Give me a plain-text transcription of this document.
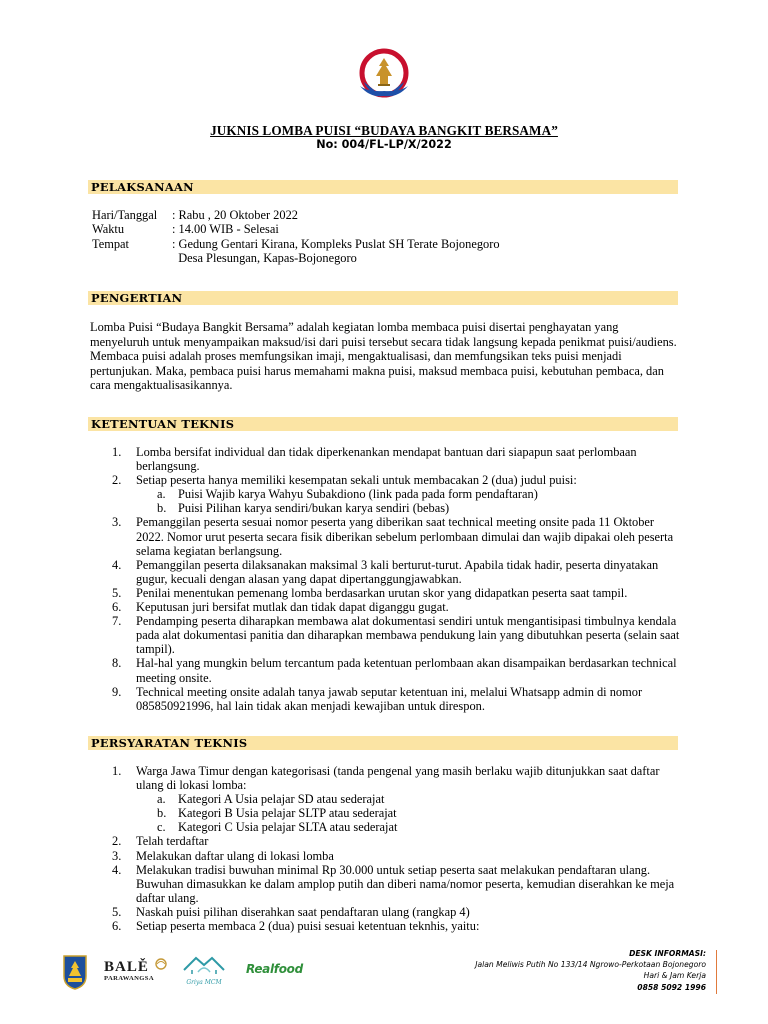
JUKNIS LOMBA PUISI “BUDAYA BANGKIT BERSAMA”
No: 004/FL-LP/X/2022
PELAKSANAAN
Hari/Tanggal : Rabu , 20 Oktober 2022
Waktu	: 14.00 WIB - Selesai
Tempat	: Gedung Gentari Kirana, Kompleks Puslat SH Terate Bojonegoro
Desa Plesungan, Kapas-Bojonegoro
PENGERTIAN

Lomba Puisi “Budaya Bangkit Bersama” adalah kegiatan lomba membaca puisi disertai penghayatan yang menyeluruh untuk menyampaikan maksud/isi dari puisi tersebut secara tidak langsung kepada penikmat puisi/audiens. Membaca puisi adalah proses memfungsikan imaji, mengaktualisasi, dan memfungsikan teks puisi menjadi pertunjukan. Maka, pembaca puisi harus memahami makna puisi, maksud membaca puisi, kebutuhan pembaca, dan cara mengaktualisasikannya.

KETENTUAN TEKNIS
1. Lomba bersifat individual dan tidak diperkenankan mendapat bantuan dari siapapun saat perlombaan berlangsung.
2. Setiap peserta hanya memiliki kesempatan sekali untuk membacakan 2 (dua) judul puisi:
a. Puisi Wajib karya Wahyu Subakdiono (link pada pada form pendaftaran)
b. Puisi Pilihan karya sendiri/bukan karya sendiri (bebas)
3. Pemanggilan peserta sesuai nomor peserta yang diberikan saat technical meeting onsite pada 11 Oktober 2022. Nomor urut peserta secara fisik diberikan sebelum perlombaan dimulai dan wajib dipakai oleh peserta selama kegiatan berlangsung.
4. Pemanggilan peserta dilaksanakan maksimal 3 kali berturut-turut. Apabila tidak hadir, peserta dinyatakan gugur, kecuali dengan alasan yang dapat dipertanggungjawabkan.
5. Penilai menentukan pemenang lomba berdasarkan urutan skor yang didapatkan peserta saat tampil.
6. Keputusan juri bersifat mutlak dan tidak dapat diganggu gugat.
7. Pendamping peserta diharapkan membawa alat dokumentasi sendiri untuk mengantisipasi timbulnya kendala pada alat dokumentasi panitia dan diharapkan membawa pendukung lain yang dibutuhkan peserta (selain saat tampil).
8. Hal-hal yang mungkin belum tercantum pada ketentuan perlombaan akan disampaikan berdasarkan technical meeting onsite.
9. Technical meeting onsite adalah tanya jawab seputar ketentuan ini, melalui Whatsapp admin di nomor 085850921996, hal lain tidak akan menjadi kewajiban untuk direspon.
PERSYARATAN TEKNIS
1. Warga Jawa Timur dengan kategorisasi (tanda pengenal yang masih berlaku wajib ditunjukkan saat daftar ulang di lokasi lomba:
a. Kategori A Usia pelajar SD atau sederajat
b. Kategori B Usia pelajar SLTP atau sederajat
c. Kategori C Usia pelajar SLTA atau sederajat
2. Telah terdaftar
3. Melakukan daftar ulang di lokasi lomba
4. Melakukan tradisi buwuhan minimal Rp 30.000 untuk setiap peserta saat melakukan pendaftaran ulang. Buwuhan dimasukkan ke dalam amplop putih dan diberi nama/nomor peserta, kemudian diserahkan ke meja daftar ulang.
5. Naskah puisi pilihan diserahkan saat pendaftaran ulang (rangkap 4)
6. Setiap peserta membaca 2 (dua) puisi sesuai ketentuan teknhis, yaitu:
BALĚ
PARAWANGSA
Griya MCM
Realfood
DESK INFORMASI:
Jalan Meliwis Putih No 133/14 Ngrowo-Perkotaan Bojonegoro
Hari & Jam Kerja
0858 5092 1996
